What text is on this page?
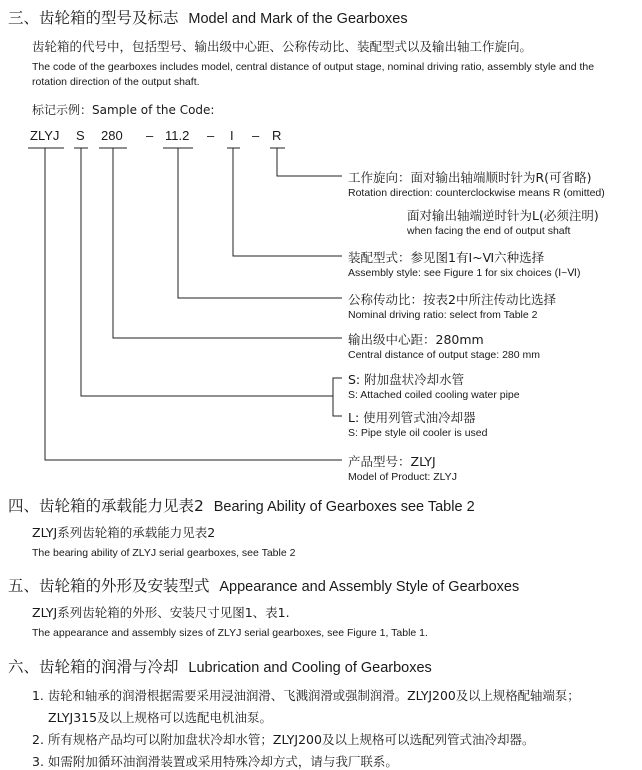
三、齿轮箱的型号及标志 Model and Mark of the Gearboxes
齿轮箱的代号中，包括型号、输出级中心距、公称传动比、装配型式以及输出轴工作旋向。
The code of the gearboxes includes model, central distance of output stage, nominal driving ratio, assembly style and the
rotation direction of the output shaft.
标记示例：Sample of the Code:
ZLYJ S 280 – 11.2 – I – R
工作旋向：面对输出轴端顺时针为R(可省略)
Rotation direction: counterclockwise means R (omitted)
面对输出轴端逆时针为L(必须注明)
when facing the end of output shaft
装配型式：参见图1有Ⅰ~Ⅵ六种选择
Assembly style: see Figure 1 for six choices (Ⅰ~Ⅵ)
公称传动比：按表2中所注传动比选择
Nominal driving ratio: select from Table 2
输出级中心距：280mm
Central distance of output stage: 280 mm
S: 附加盘状冷却水管
S: Attached coiled cooling water pipe
L: 使用列管式油冷却器
S: Pipe style oil cooler is used
产品型号：ZLYJ
Model of Product: ZLYJ
四、齿轮箱的承载能力见表2 Bearing Ability of Gearboxes see Table 2
ZLYJ系列齿轮箱的承载能力见表2
The bearing ability of ZLYJ serial gearboxes, see Table 2
五、齿轮箱的外形及安装型式 Appearance and Assembly Style of Gearboxes
ZLYJ系列齿轮箱的外形、安装尺寸见图1、表1.
The appearance and assembly sizes of ZLYJ serial gearboxes, see Figure 1, Table 1.
六、齿轮箱的润滑与冷却 Lubrication and Cooling of Gearboxes
1. 齿轮和轴承的润滑根据需要采用浸油润滑、飞溅润滑或强制润滑。ZLYJ200及以上规格配轴端泵；
ZLYJ315及以上规格可以选配电机油泵。
2. 所有规格产品均可以附加盘状冷却水管；ZLYJ200及以上规格可以选配列管式油冷却器。
3. 如需附加循环油润滑装置或采用特殊冷却方式，请与我厂联系。
